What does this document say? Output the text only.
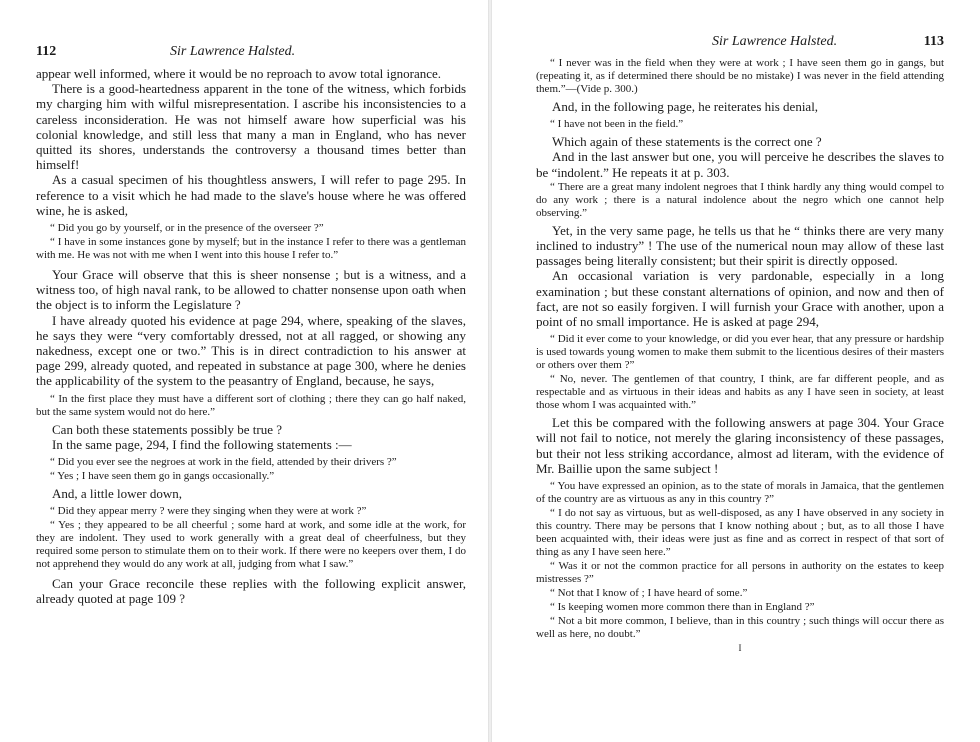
112	Sir Lawrence Halsted.

appear well informed, where it would be no reproach to avow total ignorance.

There is a good-heartedness apparent in the tone of the witness, which forbids my charging him with wilful misrepresentation. I ascribe his inconsistencies to a careless inconsideration. He was not himself aware how superficial was his colonial knowledge, and still less that many a man in England, who has never quitted its shores, understands the controversy a thousand times better than himself!

As a casual specimen of his thoughtless answers, I will refer to page 295. In reference to a visit which he had made to the slave's house where he was offered wine, he is asked,

“ Did you go by yourself, or in the presence of the overseer ?”

“ I have in some instances gone by myself; but in the instance I refer to there was a gentleman with me. He was not with me when I went into this house I refer to.”

Your Grace will observe that this is sheer nonsense ; but is a witness, and a witness too, of high naval rank, to be allowed to chatter nonsense upon oath when the object is to inform the Legislature ?

I have already quoted his evidence at page 294, where, speaking of the slaves, he says they were “very comfortably dressed, not at all ragged, or showing any nakedness, except one or two.” This is in direct contradiction to his answer at page 299, already quoted, and repeated in substance at page 300, where he denies the applicability of the system to the peasantry of England, because, he says,

“ In the first place they must have a different sort of clothing ; there they can go half naked, but the same system would not do here.”

Can both these statements possibly be true ?

In the same page, 294, I find the following statements :—

“ Did you ever see the negroes at work in the field, attended by their drivers ?”

“ Yes ; I have seen them go in gangs occasionally.”

And, a little lower down,

“ Did they appear merry ? were they singing when they were at work ?”

“ Yes ; they appeared to be all cheerful ; some hard at work, and some idle at the work, for they are indolent. They used to work generally with a great deal of cheerfulness, but they required some person to stimulate them on to their work. If there were no keepers over them, I do not apprehend they would do any work at all, judging from what I saw.”

Can your Grace reconcile these replies with the following explicit answer, already quoted at page 109 ?

Sir Lawrence Halsted.	113

“ I never was in the field when they were at work ; I have seen them go in gangs, but (repeating it, as if determined there should be no mistake) I was never in the field attending them.”—(Vide p. 300.)

And, in the following page, he reiterates his denial,

“ I have not been in the field.”

Which again of these statements is the correct one ?

And in the last answer but one, you will perceive he describes the slaves to be “indolent.” He repeats it at p. 303.

“ There are a great many indolent negroes that I think hardly any thing would compel to do any work ; there is a natural indolence about the negro which one cannot help observing.”

Yet, in the very same page, he tells us that he “ thinks there are very many inclined to industry” ! The use of the numerical noun may allow of these last passages being literally consistent; but their spirit is directly opposed.

An occasional variation is very pardonable, especially in a long examination ; but these constant alternations of opinion, and now and then of fact, are not so easily forgiven. I will furnish your Grace with another, upon a point of no small importance. He is asked at page 294,

“ Did it ever come to your knowledge, or did you ever hear, that any pressure or hardship is used towards young women to make them submit to the licentious desires of their masters or others over them ?”

“ No, never. The gentlemen of that country, I think, are far different people, and as respectable and as virtuous in their ideas and habits as any I have seen in society, at least those whom I was acquainted with.”

Let this be compared with the following answers at page 304. Your Grace will not fail to notice, not merely the glaring inconsistency of these passages, but their not less striking accordance, almost ad literam, with the evidence of Mr. Baillie upon the same subject !

“ You have expressed an opinion, as to the state of morals in Jamaica, that the gentlemen of the country are as virtuous as any in this country ?”

“ I do not say as virtuous, but as well-disposed, as any I have observed in any society in this country. There may be persons that I know nothing about ; but, as to all those I have been acquainted with, their ideas were just as fine and as correct in respect of that sort of thing as any I have seen here.”

“ Was it or not the common practice for all persons in authority on the estates to keep mistresses ?”

“ Not that I know of ; I have heard of some.”

“ Is keeping women more common there than in England ?”

“ Not a bit more common, I believe, than in this country ; such things will occur there as well as here, no doubt.”

I
